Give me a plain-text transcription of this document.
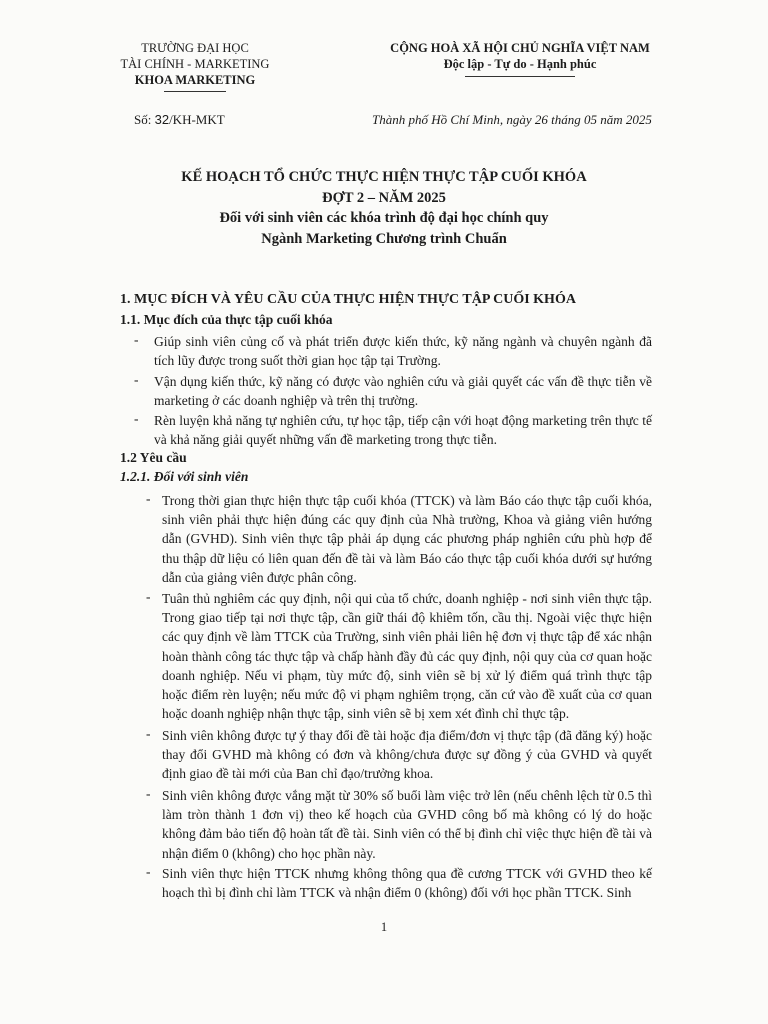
TRƯỜNG ĐẠI HỌC
TÀI CHÍNH - MARKETING
KHOA MARKETING
CỘNG HOÀ XÃ HỘI CHỦ NGHĨA VIỆT NAM
Độc lập - Tự do - Hạnh phúc
Số: 32/KH-MKT	Thành phố Hồ Chí Minh, ngày 26 tháng 05 năm 2025
KẾ HOẠCH TỔ CHỨC THỰC HIỆN THỰC TẬP CUỐI KHÓA
ĐỢT 2 – NĂM 2025
Đối với sinh viên các khóa trình độ đại học chính quy
Ngành Marketing Chương trình Chuẩn
1. MỤC ĐÍCH VÀ YÊU CẦU CỦA THỰC HIỆN THỰC TẬP CUỐI KHÓA
1.1. Mục đích của thực tập cuối khóa
- Giúp sinh viên củng cố và phát triển được kiến thức, kỹ năng ngành và chuyên ngành đã tích lũy được trong suốt thời gian học tập tại Trường.
- Vận dụng kiến thức, kỹ năng có được vào nghiên cứu và giải quyết các vấn đề thực tiễn về marketing ở các doanh nghiệp và trên thị trường.
- Rèn luyện khả năng tự nghiên cứu, tự học tập, tiếp cận với hoạt động marketing trên thực tế và khả năng giải quyết những vấn đề marketing trong thực tiễn.
1.2 Yêu cầu
1.2.1. Đối với sinh viên
- Trong thời gian thực hiện thực tập cuối khóa (TTCK) và làm Báo cáo thực tập cuối khóa, sinh viên phải thực hiện đúng các quy định của Nhà trường, Khoa và giảng viên hướng dẫn (GVHD). Sinh viên thực tập phải áp dụng các phương pháp nghiên cứu phù hợp để thu thập dữ liệu có liên quan đến đề tài và làm Báo cáo thực tập cuối khóa dưới sự hướng dẫn của giảng viên được phân công.
- Tuân thủ nghiêm các quy định, nội qui của tổ chức, doanh nghiệp - nơi sinh viên thực tập. Trong giao tiếp tại nơi thực tập, cần giữ thái độ khiêm tốn, cầu thị. Ngoài việc thực hiện các quy định về làm TTCK của Trường, sinh viên phải liên hệ đơn vị thực tập để xác nhận hoàn thành công tác thực tập và chấp hành đầy đủ các quy định, nội quy của cơ quan hoặc doanh nghiệp. Nếu vi phạm, tùy mức độ, sinh viên sẽ bị xử lý điểm quá trình thực tập hoặc điểm rèn luyện; nếu mức độ vi phạm nghiêm trọng, căn cứ vào đề xuất của cơ quan hoặc doanh nghiệp nhận thực tập, sinh viên sẽ bị xem xét đình chỉ thực tập.
- Sinh viên không được tự ý thay đổi đề tài hoặc địa điểm/đơn vị thực tập (đã đăng ký) hoặc thay đổi GVHD mà không có đơn và không/chưa được sự đồng ý của GVHD và quyết định giao đề tài mới của Ban chỉ đạo/trưởng khoa.
- Sinh viên không được vắng mặt từ 30% số buổi làm việc trở lên (nếu chênh lệch từ 0.5 thì làm tròn thành 1 đơn vị) theo kế hoạch của GVHD công bố mà không có lý do hoặc không đảm bảo tiến độ hoàn tất đề tài. Sinh viên có thể bị đình chỉ việc thực hiện đề tài và nhận điểm 0 (không) cho học phần này.
- Sinh viên thực hiện TTCK nhưng không thông qua đề cương TTCK với GVHD theo kế hoạch thì bị đình chỉ làm TTCK và nhận điểm 0 (không) đối với học phần TTCK. Sinh
1
